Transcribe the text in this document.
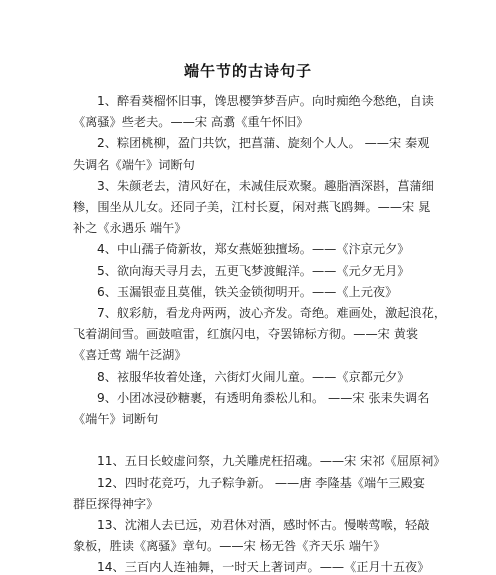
端午节的古诗句子
1、醉看葵榴怀旧事，馋思樱笋梦吾庐。向时痴绝今愁绝，自读
《离骚》些老夫。——宋 高翥《重午怀旧》
2、粽团桃柳，盈门共饮，把菖蒲、旋刻个人人。 ——宋 秦观
失调名《端午》词断句
3、朱颜老去，清风好在，未减佳辰欢聚。趣脂酒深斟，菖蒲细
糁，围坐从儿女。还同子美，江村长夏，闲对燕飞鸥舞。——宋 晁
补之《永遇乐 端午》
4、中山孺子倚新妆，郑女燕姬独擅场。——《汴京元夕》
5、欲向海天寻月去，五更飞梦渡鲲洋。——《元夕无月》
6、玉漏银壶且莫催，铁关金锁彻明开。——《上元夜》
7、舣彩舫，看龙舟两两，波心齐发。奇绝。难画处，激起浪花，
飞着湖间雪。画鼓喧雷，红旗闪电，夺罢锦标方彻。——宋 黄裳
《喜迁莺 端午泛湖》
8、袨服华妆着处逢，六街灯火闹儿童。——《京都元夕》
9、小团冰浸砂糖裹，有透明角黍松儿和。 ——宋 张耒失调名
《端午》词断句
11、五日长蛟虚问祭，九关雕虎枉招魂。——宋 宋祁《屈原祠》
12、四时花竞巧，九子粽争新。 ——唐 李隆基《端午三殿宴
群臣探得神字》
13、沈湘人去已远，劝君休对酒，感时怀古。慢啭莺喉，轻敲
象板，胜读《离骚》章句。——宋 杨无咎《齐天乐 端午》
14、三百内人连袖舞，一时天上著词声。——《正月十五夜》
